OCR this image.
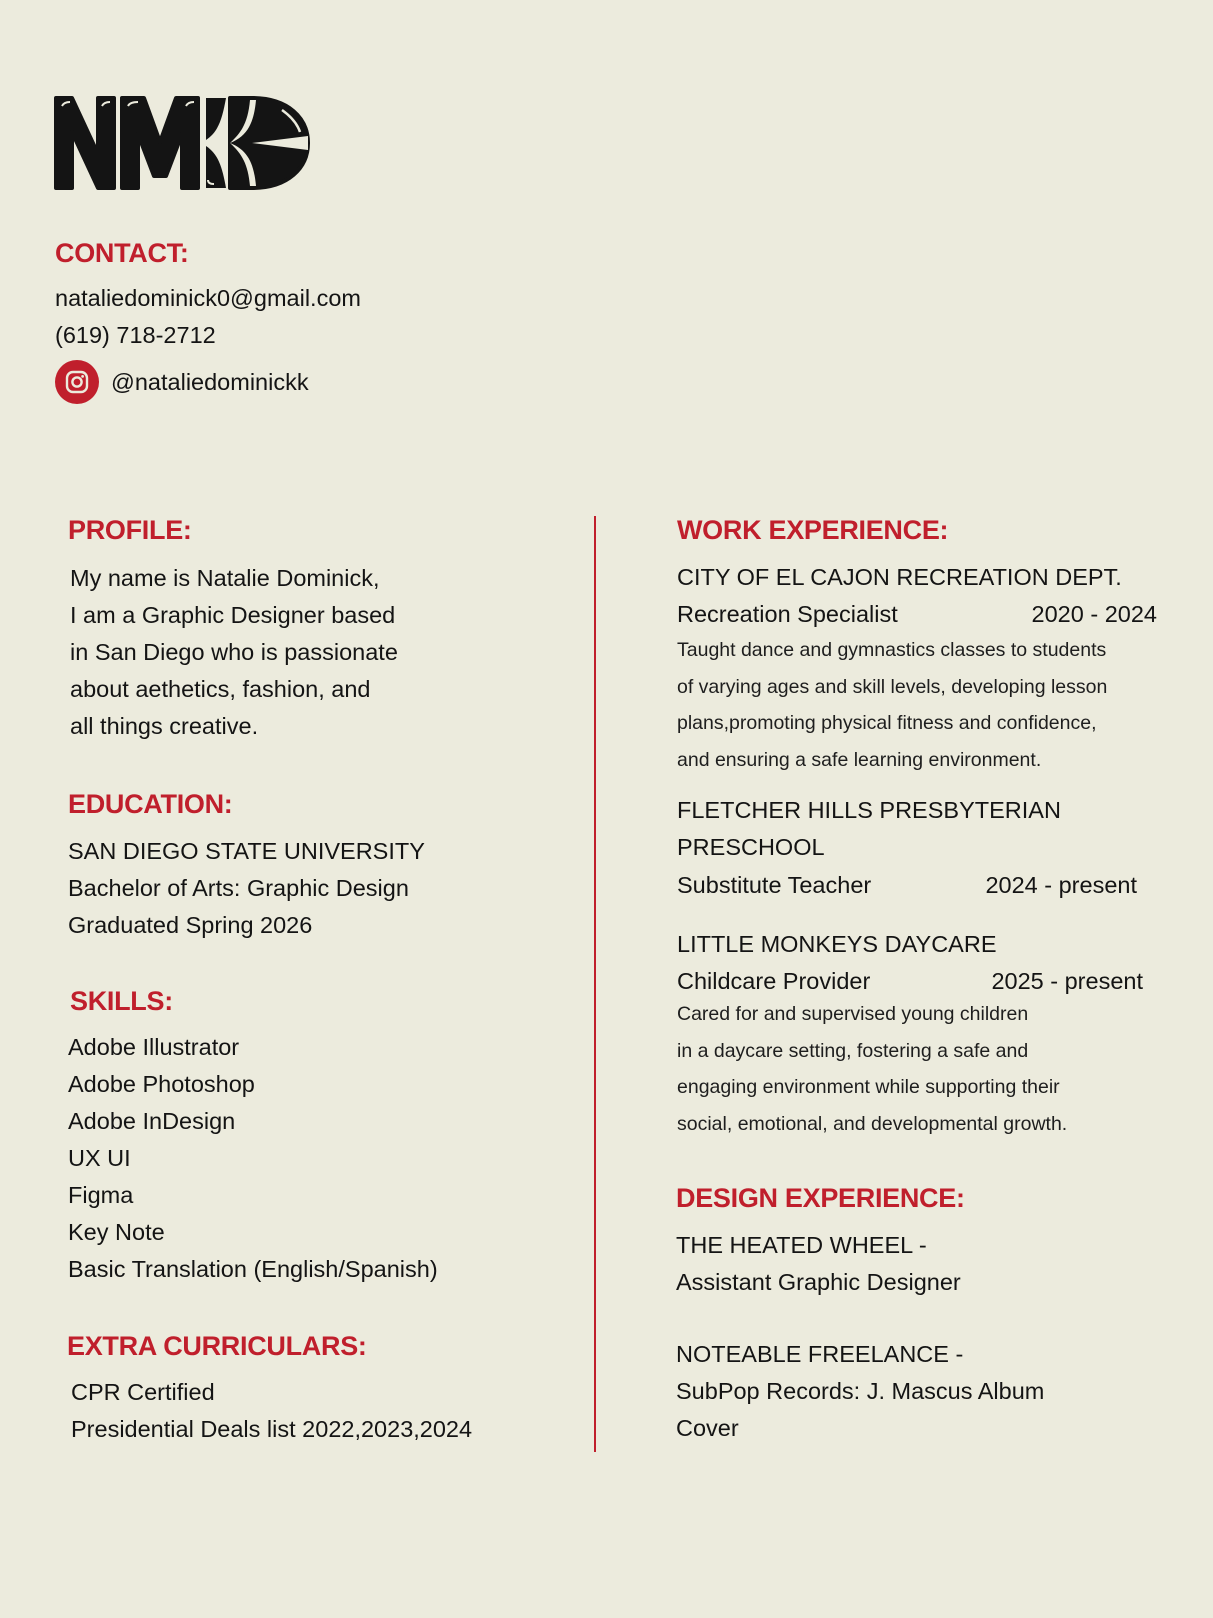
CONTACT:
nataliedominick0@gmail.com
(619) 718-2712
@nataliedominickk
PROFILE:
My name is Natalie Dominick,
I am a Graphic Designer based
in San Diego who is passionate
about aethetics, fashion, and
all things creative.
EDUCATION:
SAN DIEGO STATE UNIVERSITY
Bachelor of Arts: Graphic Design
Graduated Spring 2026
SKILLS:
Adobe Illustrator
Adobe Photoshop
Adobe InDesign
UX UI
Figma
Key Note
Basic Translation (English/Spanish)
EXTRA CURRICULARS:
CPR Certified
Presidential Deals list 2022,2023,2024
WORK EXPERIENCE:
CITY OF EL CAJON RECREATION DEPT.
Recreation Specialist	2020 - 2024
Taught dance and gymnastics classes to students
of varying ages and skill levels, developing lesson
plans,promoting physical fitness and confidence,
and ensuring a safe learning environment.
FLETCHER HILLS PRESBYTERIAN
PRESCHOOL
Substitute Teacher	2024 - present
LITTLE MONKEYS DAYCARE
Childcare Provider	2025 - present
Cared for and supervised young children
in a daycare setting, fostering a safe and
engaging environment while supporting their
social, emotional, and developmental growth.
DESIGN EXPERIENCE:
THE HEATED WHEEL -
Assistant Graphic Designer
NOTEABLE FREELANCE -
SubPop Records: J. Mascus Album
Cover
